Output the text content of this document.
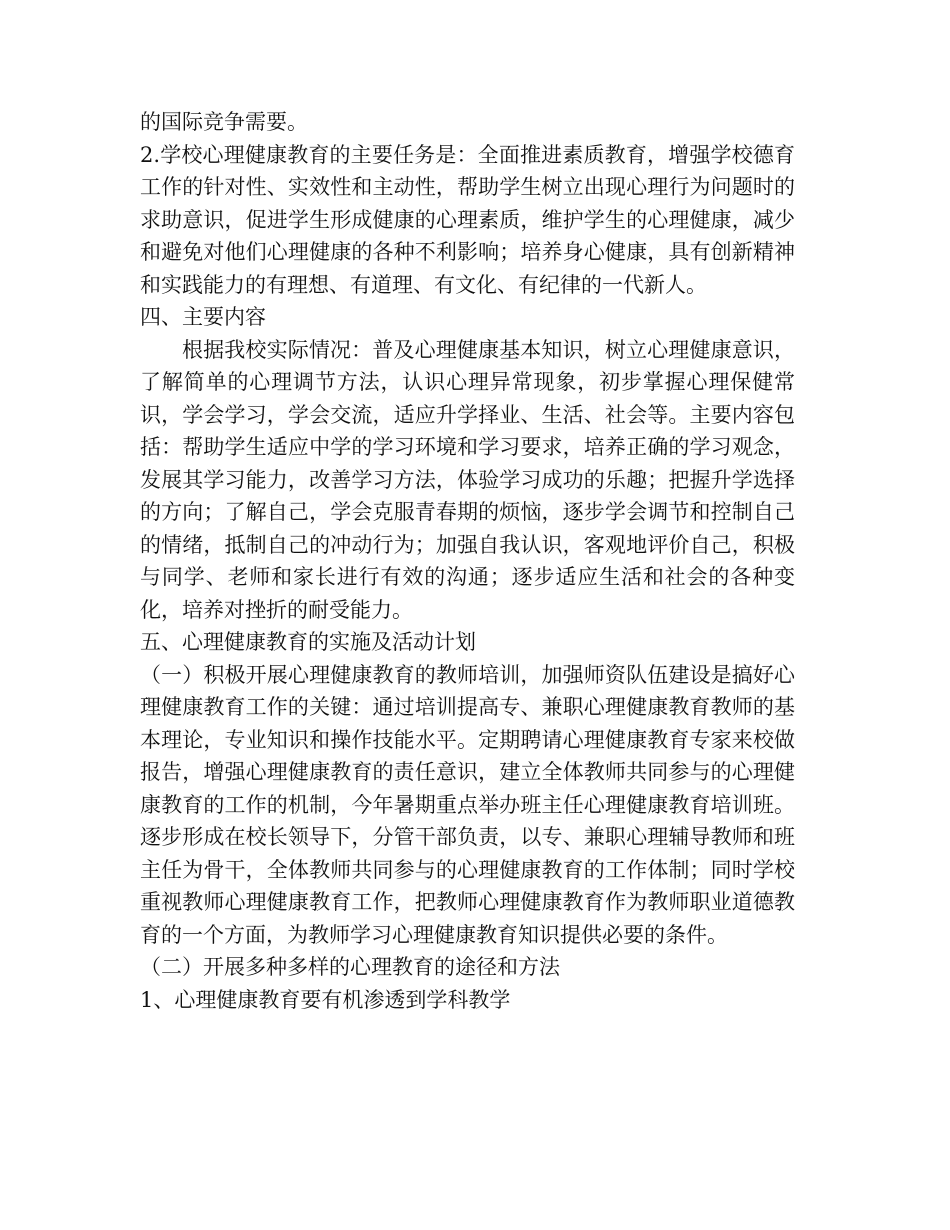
的国际竞争需要。

2.学校心理健康教育的主要任务是：全面推进素质教育，增强学校德育工作的针对性、实效性和主动性，帮助学生树立出现心理行为问题时的求助意识，促进学生形成健康的心理素质，维护学生的心理健康，减少和避免对他们心理健康的各种不利影响；培养身心健康，具有创新精神和实践能力的有理想、有道理、有文化、有纪律的一代新人。

四、主要内容

根据我校实际情况：普及心理健康基本知识，树立心理健康意识，了解简单的心理调节方法，认识心理异常现象，初步掌握心理保健常识，学会学习，学会交流，适应升学择业、生活、社会等。主要内容包括：帮助学生适应中学的学习环境和学习要求，培养正确的学习观念，发展其学习能力，改善学习方法，体验学习成功的乐趣；把握升学选择的方向；了解自己，学会克服青春期的烦恼，逐步学会调节和控制自己的情绪，抵制自己的冲动行为；加强自我认识，客观地评价自己，积极与同学、老师和家长进行有效的沟通；逐步适应生活和社会的各种变化，培养对挫折的耐受能力。

五、心理健康教育的实施及活动计划

（一）积极开展心理健康教育的教师培训，加强师资队伍建设是搞好心理健康教育工作的关键：通过培训提高专、兼职心理健康教育教师的基本理论，专业知识和操作技能水平。定期聘请心理健康教育专家来校做报告，增强心理健康教育的责任意识，建立全体教师共同参与的心理健康教育的工作的机制，今年暑期重点举办班主任心理健康教育培训班。逐步形成在校长领导下，分管干部负责，以专、兼职心理辅导教师和班主任为骨干，全体教师共同参与的心理健康教育的工作体制；同时学校重视教师心理健康教育工作，把教师心理健康教育作为教师职业道德教育的一个方面，为教师学习心理健康教育知识提供必要的条件。

（二）开展多种多样的心理教育的途径和方法

1、心理健康教育要有机渗透到学科教学
